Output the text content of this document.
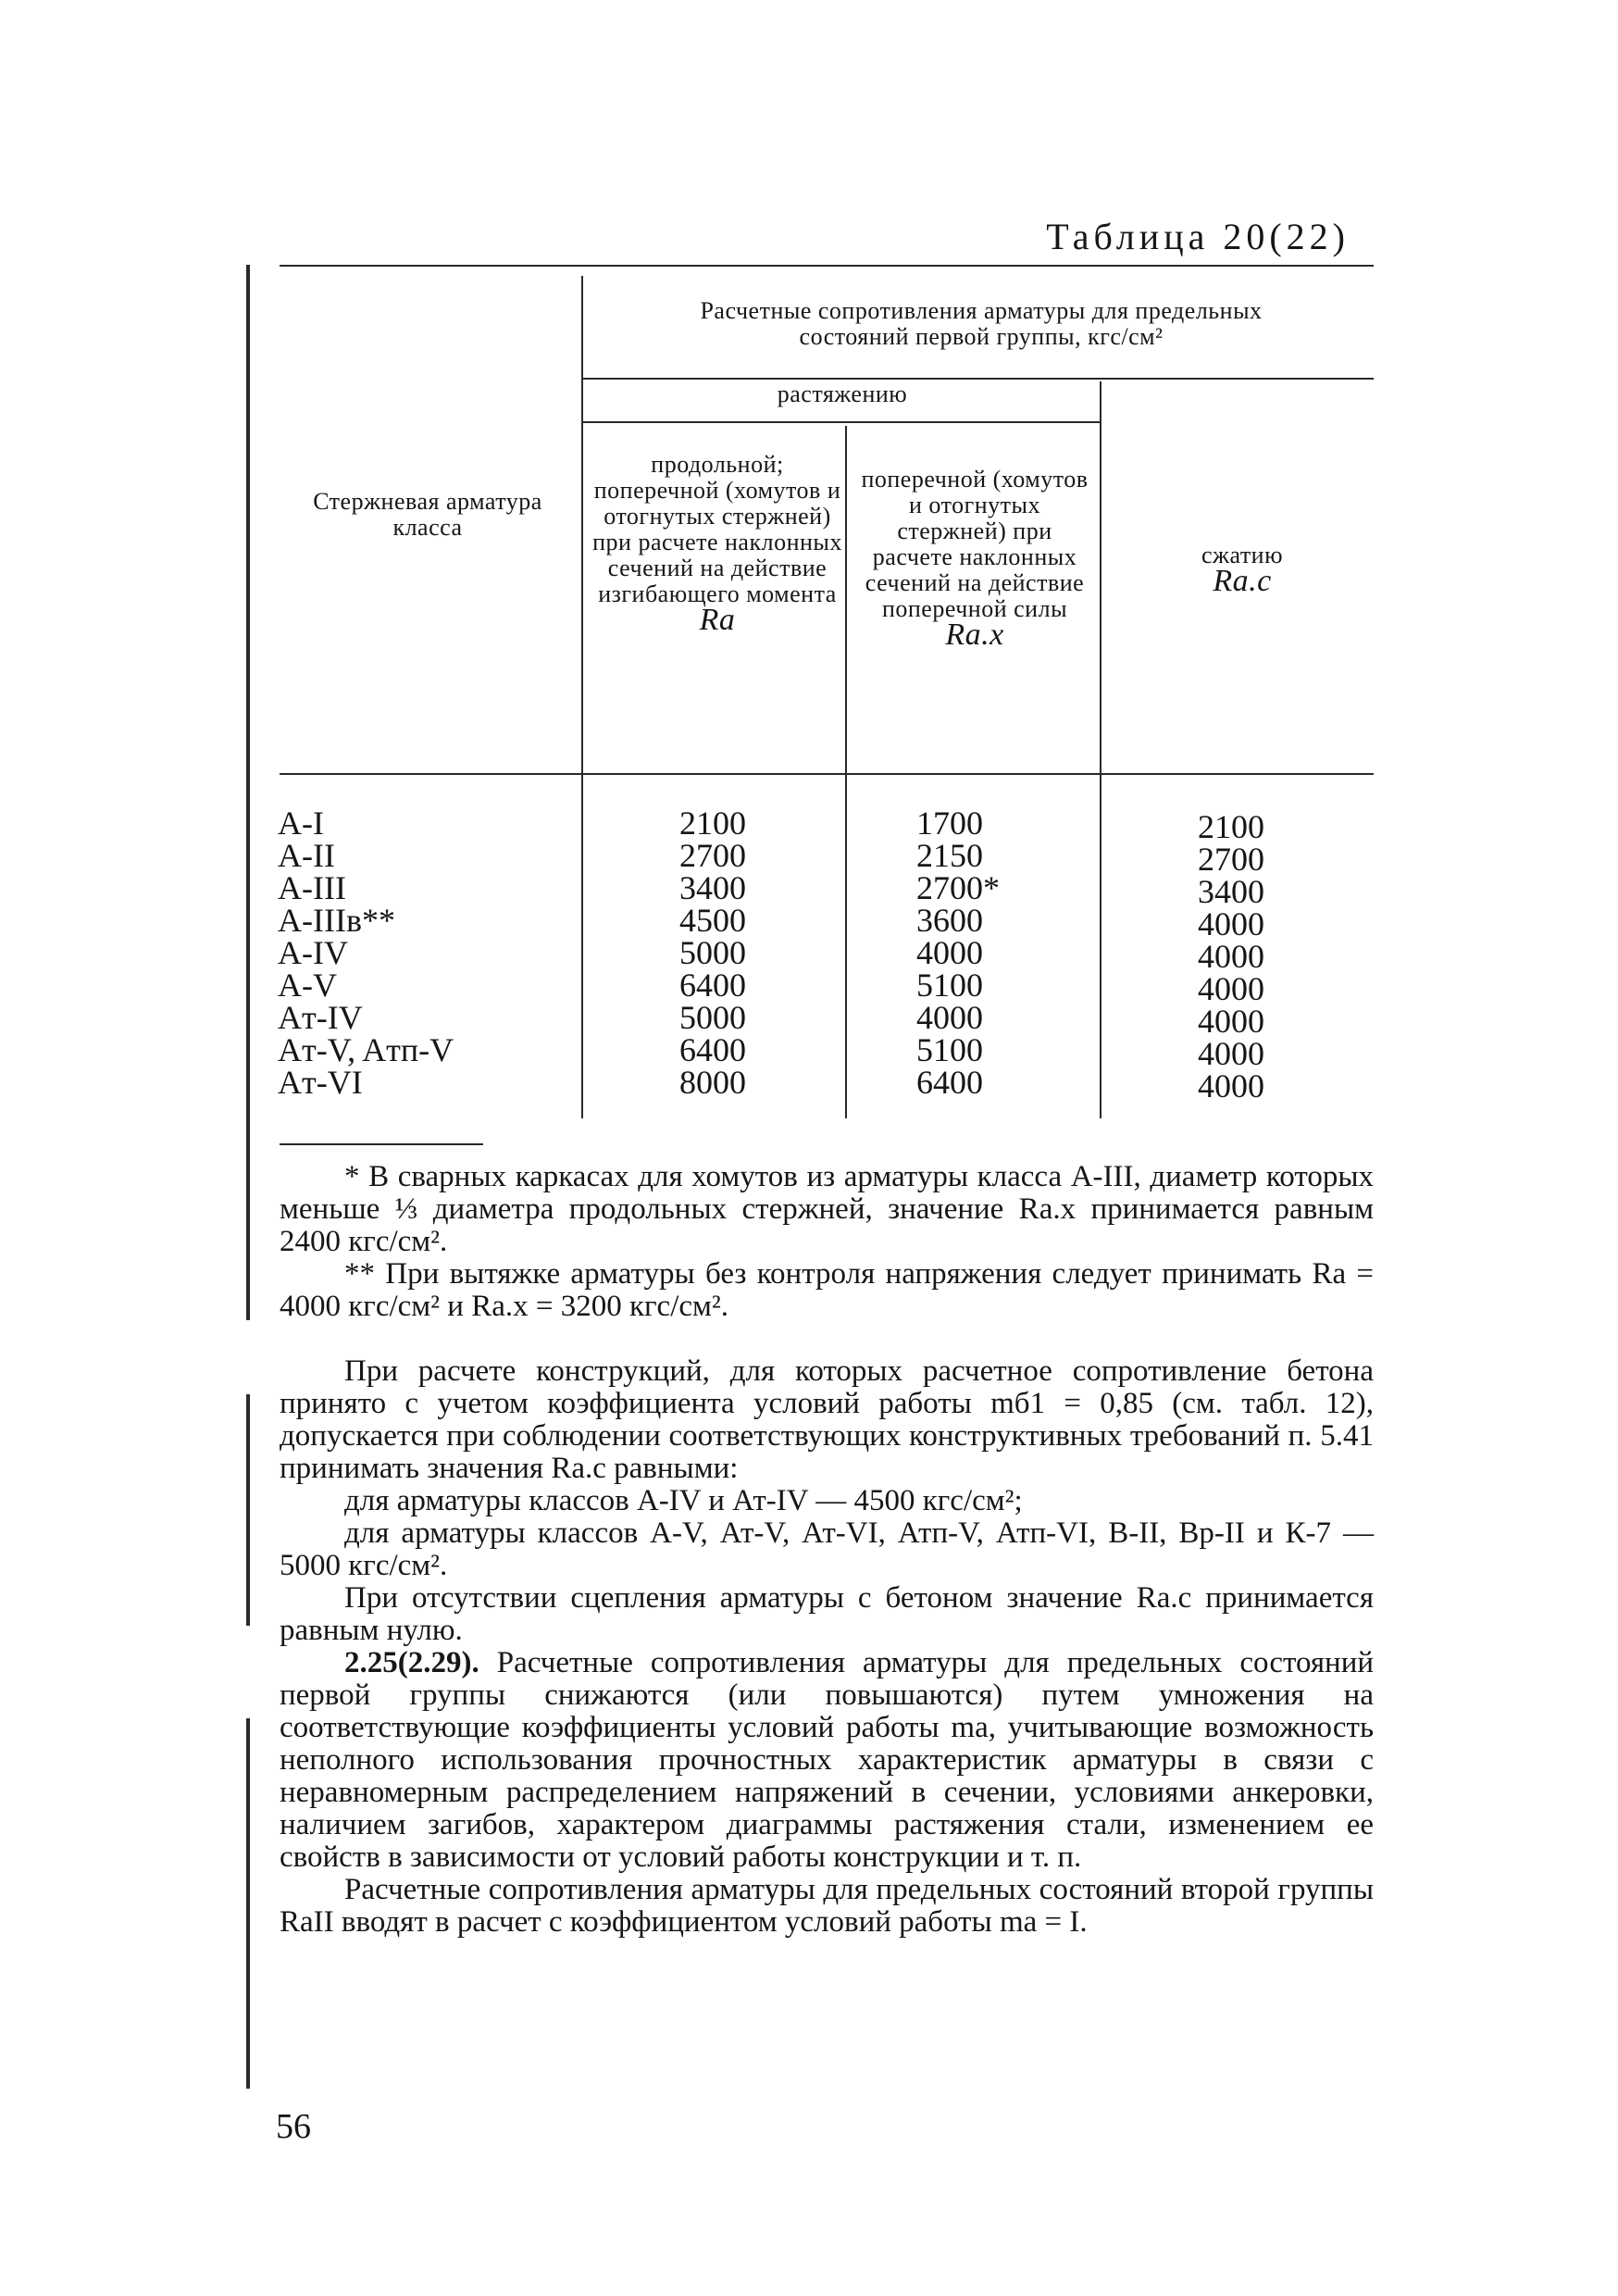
Таблица 20(22)
Стержневая арматура класса
Расчетные сопротивления арматуры для предельных состояний первой группы, кгс/см²
растяжению
продольной; поперечной (хомутов и отогнутых стержней) при расчете наклонных сечений на действие изгибающего момента
Rа
поперечной (хомутов и отогнутых стержней) при расчете наклонных сечений на действие поперечной силы
Rа.х
сжатию
Rа.с
A-I
A-II
A-III
A-IIIв**
A-IV
A-V
Aт-IV
Aт-V, Aтп-V
Aт-VI
2100
2700
3400
4500
5000
6400
5000
6400
8000
1700
2150
2700*
3600
4000
5100
4000
5100
6400
2100
2700
3400
4000
4000
4000
4000
4000
4000

* В сварных каркасах для хомутов из арматуры класса А-III, диаметр которых меньше ⅓ диаметра продольных стержней, значение Rа.х принимается равным 2400 кгс/см².

** При вытяжке арматуры без контроля напряжения следует принимать Rа = 4000 кгс/см² и Rа.х = 3200 кгс/см².

При расчете конструкций, для которых расчетное сопротивление бетона принято с учетом коэффициента условий работы mб1 = 0,85 (см. табл. 12), допускается при соблюдении соответствующих конструктивных требований п. 5.41 принимать значения Rа.с равными:

для арматуры классов А-IV и Ат-IV — 4500 кгс/см²;

для арматуры классов А-V, Ат-V, Ат-VI, Атп-V, Атп-VI, В-II, Вр-II и К-7 — 5000 кгс/см².

При отсутствии сцепления арматуры с бетоном значение Rа.с принимается равным нулю.

2.25(2.29). Расчетные сопротивления арматуры для предельных состояний первой группы снижаются (или повышаются) путем умножения на соответствующие коэффициенты условий работы mа, учитывающие возможность неполного использования прочностных характеристик арматуры в связи с неравномерным распределением напряжений в сечении, условиями анкеровки, наличием загибов, характером диаграммы растяжения стали, изменением ее свойств в зависимости от условий работы конструкции и т. п.

Расчетные сопротивления арматуры для предельных состояний второй группы RаII вводят в расчет с коэффициентом условий работы mа = I.

56
